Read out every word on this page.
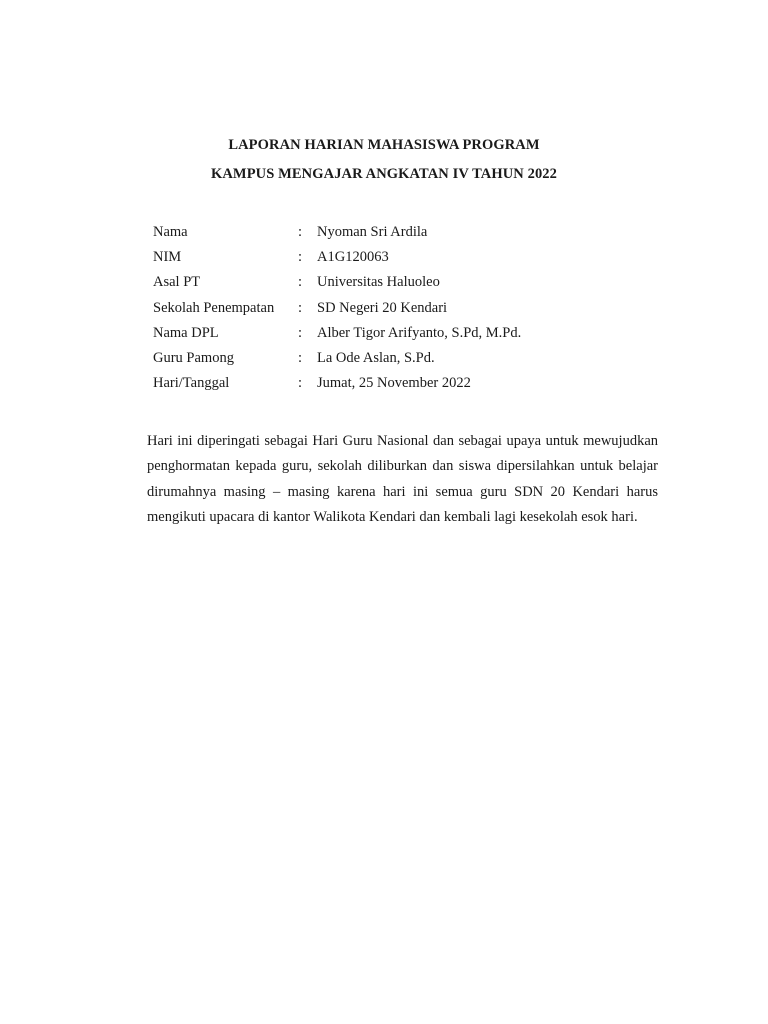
LAPORAN HARIAN MAHASISWA PROGRAM
KAMPUS MENGAJAR ANGKATAN IV TAHUN 2022
Nama	:	Nyoman Sri Ardila
NIM	:	A1G120063
Asal PT	:	Universitas Haluoleo
Sekolah Penempatan	:	SD Negeri 20 Kendari
Nama DPL	:	Alber Tigor Arifyanto, S.Pd, M.Pd.
Guru Pamong	:	La Ode Aslan, S.Pd.
Hari/Tanggal	:	Jumat, 25 November 2022

Hari ini diperingati sebagai Hari Guru Nasional dan sebagai upaya untuk mewujudkan penghormatan kepada guru, sekolah diliburkan dan siswa dipersilahkan untuk belajar dirumahnya masing – masing karena hari ini semua guru SDN 20 Kendari harus mengikuti upacara di kantor Walikota Kendari dan kembali lagi kesekolah esok hari.
